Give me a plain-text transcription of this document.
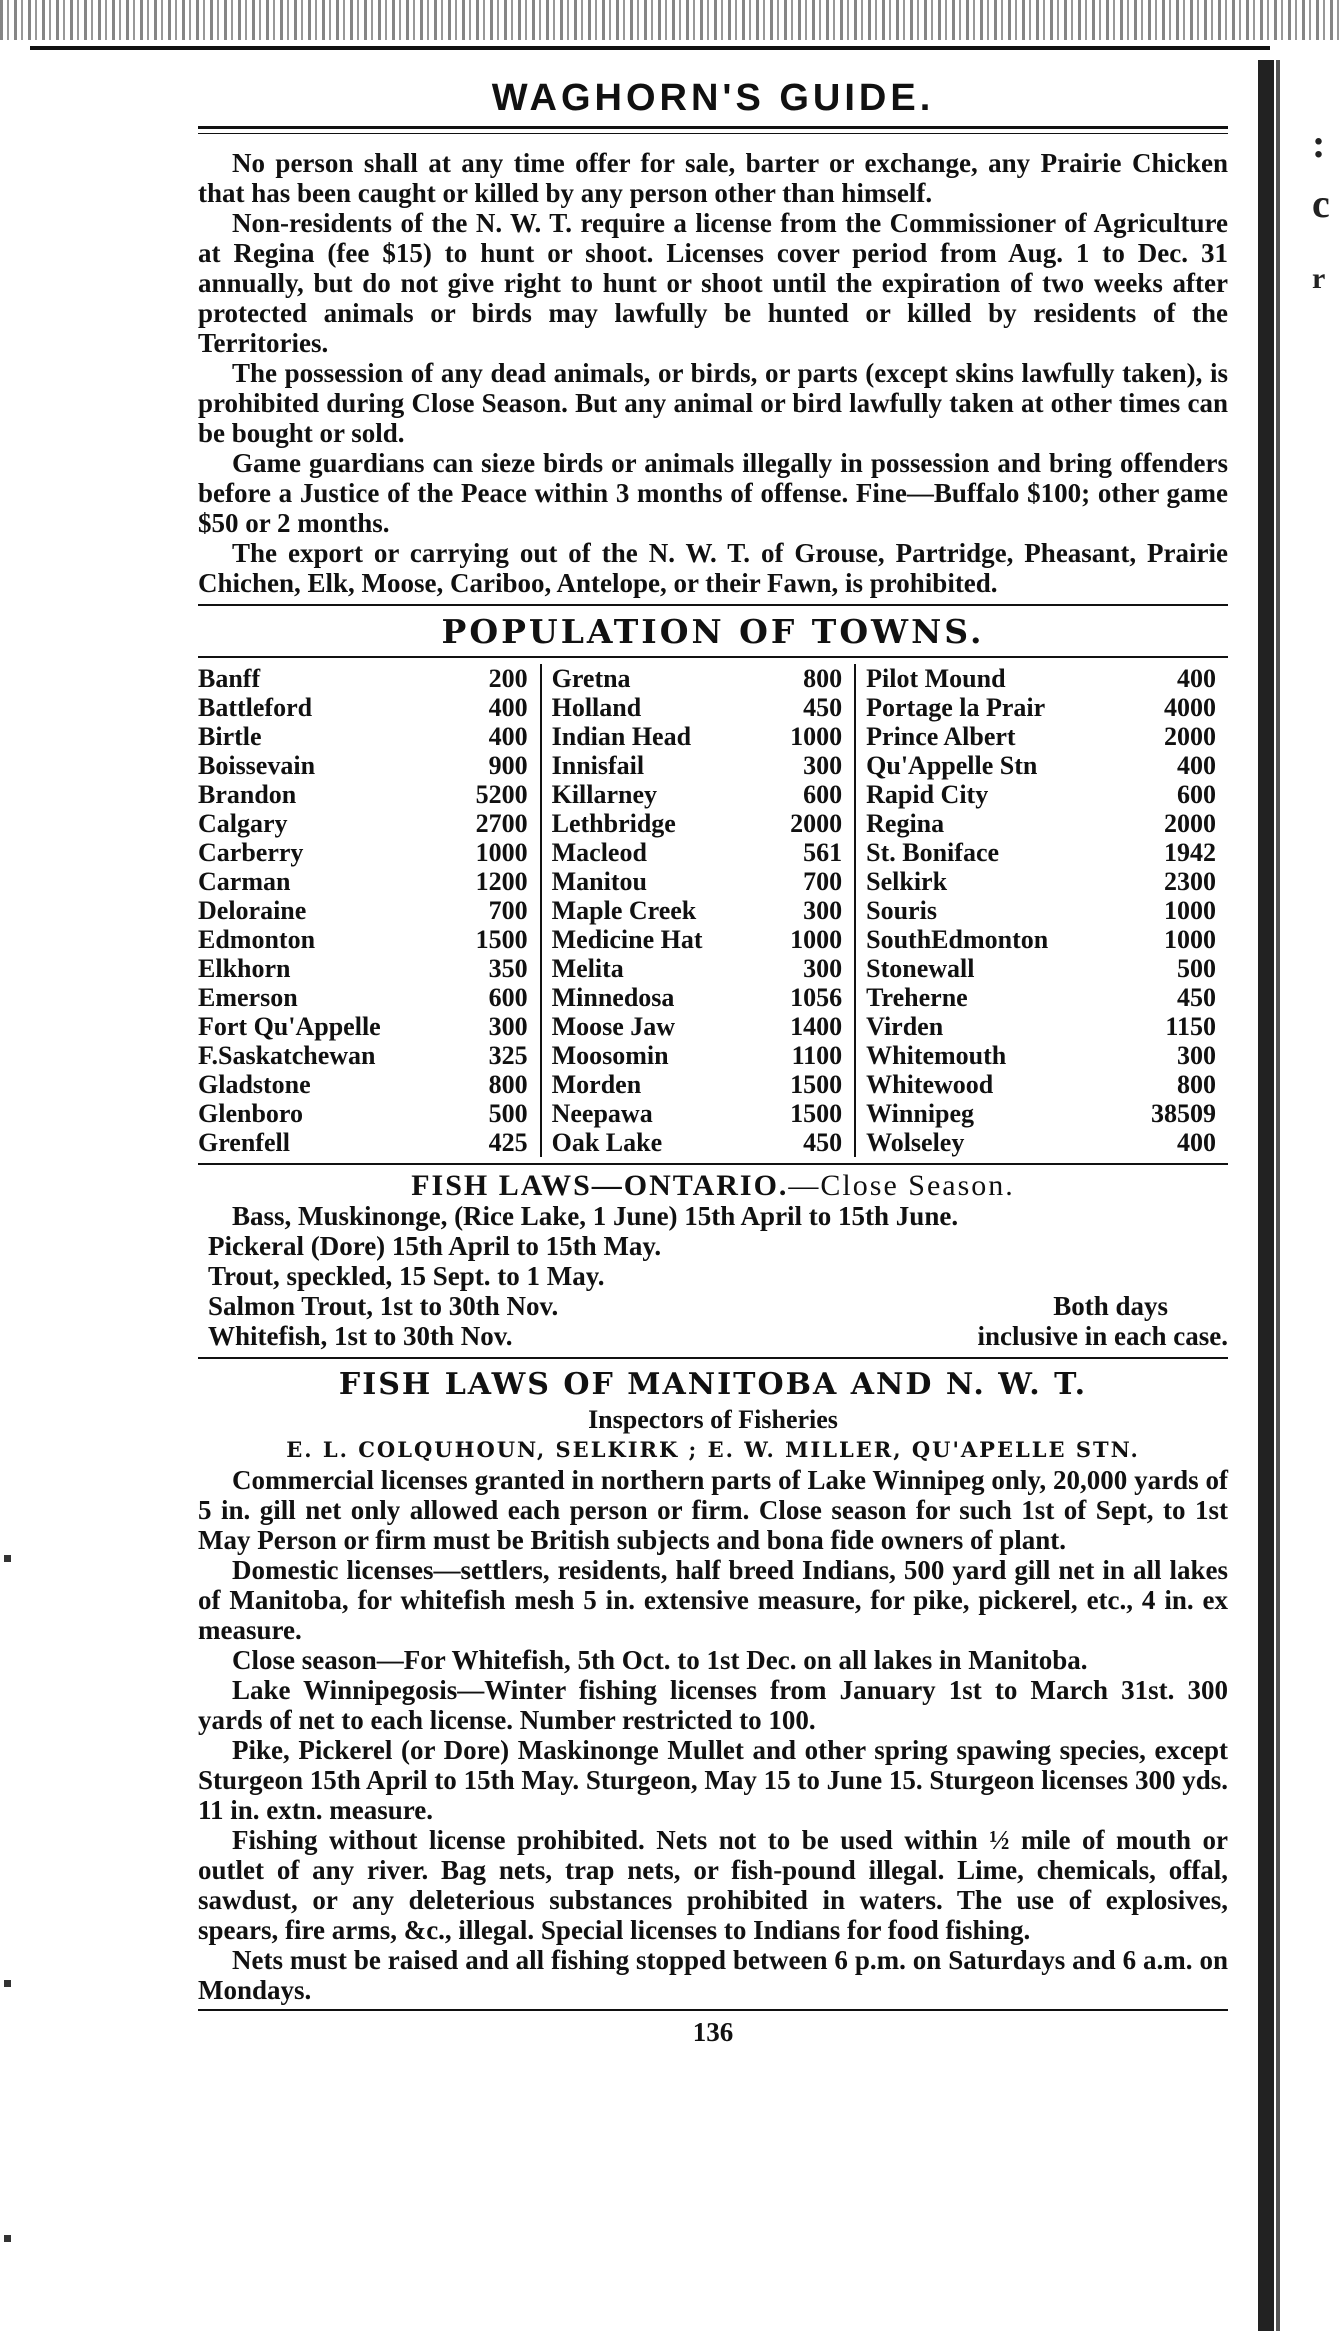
:
c
r
WAGHORN'S GUIDE.

No person shall at any time offer for sale, barter or exchange, any Prairie Chicken that has been caught or killed by any person other than himself.

Non-residents of the N. W. T. require a license from the Commissioner of Agriculture at Regina (fee $15) to hunt or shoot. Licenses cover period from Aug. 1 to Dec. 31 annually, but do not give right to hunt or shoot until the expiration of two weeks after protected animals or birds may lawfully be hunted or killed by residents of the Territories.

The possession of any dead animals, or birds, or parts (except skins lawfully taken), is prohibited during Close Season. But any animal or bird lawfully taken at other times can be bought or sold.

Game guardians can sieze birds or animals illegally in possession and bring offenders before a Justice of the Peace within 3 months of offense. Fine—Buffalo $100; other game $50 or 2 months.

The export or carrying out of the N. W. T. of Grouse, Partridge, Pheasant, Prairie Chichen, Elk, Moose, Cariboo, Antelope, or their Fawn, is prohibited.

POPULATION OF TOWNS.
Banff	200	Gretna	800	Pilot Mound	400
Battleford	400	Holland	450	Portage la Prair	4000
Birtle	400	Indian Head	1000	Prince Albert	2000
Boissevain	900	Innisfail	300	Qu'Appelle Stn	400
Brandon	5200	Killarney	600	Rapid City	600
Calgary	2700	Lethbridge	2000	Regina	2000
Carberry	1000	Macleod	561	St. Boniface	1942
Carman	1200	Manitou	700	Selkirk	2300
Deloraine	700	Maple Creek	300	Souris	1000
Edmonton	1500	Medicine Hat	1000	SouthEdmonton	1000
Elkhorn	350	Melita	300	Stonewall	500
Emerson	600	Minnedosa	1056	Treherne	450
Fort Qu'Appelle	300	Moose Jaw	1400	Virden	1150
F.Saskatchewan	325	Moosomin	1100	Whitemouth	300
Gladstone	800	Morden	1500	Whitewood	800
Glenboro	500	Neepawa	1500	Winnipeg	38509
Grenfell	425	Oak Lake	450	Wolseley	400
FISH LAWS—ONTARIO.—Close Season.
Bass, Muskinonge, (Rice Lake, 1 June) 15th April to 15th June.
Pickeral (Dore) 15th April to 15th May.
Trout, speckled, 15 Sept. to 1 May.
Salmon Trout, 1st to 30th Nov.	Both days
Whitefish, 1st to 30th Nov.	inclusive in each case.
FISH LAWS OF MANITOBA AND N. W. T.
Inspectors of Fisheries
E. L. COLQUHOUN, SELKIRK ; E. W. MILLER, QU'APELLE STN.

Commercial licenses granted in northern parts of Lake Winnipeg only, 20,000 yards of 5 in. gill net only allowed each person or firm. Close season for such 1st of Sept, to 1st May Person or firm must be British subjects and bona fide owners of plant.

Domestic licenses—settlers, residents, half breed Indians, 500 yard gill net in all lakes of Manitoba, for whitefish mesh 5 in. extensive measure, for pike, pickerel, etc., 4 in. ex measure.

Close season—For Whitefish, 5th Oct. to 1st Dec. on all lakes in Manitoba.

Lake Winnipegosis—Winter fishing licenses from January 1st to March 31st. 300 yards of net to each license. Number restricted to 100.

Pike, Pickerel (or Dore) Maskinonge Mullet and other spring spawing species, except Sturgeon 15th April to 15th May. Sturgeon, May 15 to June 15. Sturgeon licenses 300 yds. 11 in. extn. measure.

Fishing without license prohibited. Nets not to be used within ½ mile of mouth or outlet of any river. Bag nets, trap nets, or fish-pound illegal. Lime, chemicals, offal, sawdust, or any deleterious substances prohibited in waters. The use of explosives, spears, fire arms, &c., illegal. Special licenses to Indians for food fishing.

Nets must be raised and all fishing stopped between 6 p.m. on Saturdays and 6 a.m. on Mondays.

136
